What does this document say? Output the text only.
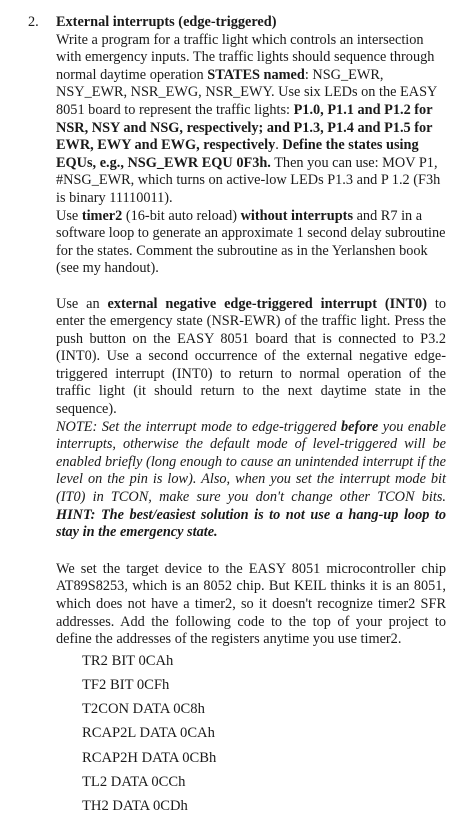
2. External interrupts (edge-triggered)

Write a program for a traffic light which controls an intersection with emergency inputs. The traffic lights should sequence through normal daytime operation STATES named: NSG_EWR, NSY_EWR, NSR_EWG, NSR_EWY. Use six LEDs on the EASY 8051 board to represent the traffic lights: P1.0, P1.1 and P1.2 for NSR, NSY and NSG, respectively; and P1.3, P1.4 and P1.5 for EWR, EWY and EWG, respectively. Define the states using EQUs, e.g., NSG_EWR EQU 0F3h. Then you can use: MOV P1, #NSG_EWR, which turns on active-low LEDs P1.3 and P 1.2 (F3h is binary 11110011).

Use timer2 (16-bit auto reload) without interrupts and R7 in a software loop to generate an approximate 1 second delay subroutine for the states. Comment the subroutine as in the Yerlanshen book (see my handout).

Use an external negative edge-triggered interrupt (INT0) to enter the emergency state (NSR-EWR) of the traffic light. Press the push button on the EASY 8051 board that is connected to P3.2 (INT0). Use a second occurrence of the external negative edge-triggered interrupt (INT0) to return to normal operation of the traffic light (it should return to the next daytime state in the sequence).

NOTE: Set the interrupt mode to edge-triggered before you enable interrupts, otherwise the default mode of level-triggered will be enabled briefly (long enough to cause an unintended interrupt if the level on the pin is low). Also, when you set the interrupt mode bit (IT0) in TCON, make sure you don't change other TCON bits. HINT: The best/easiest solution is to not use a hang-up loop to stay in the emergency state.

We set the target device to the EASY 8051 microcontroller chip AT89S8253, which is an 8052 chip. But KEIL thinks it is an 8051, which does not have a timer2, so it doesn't recognize timer2 SFR addresses. Add the following code to the top of your project to define the addresses of the registers anytime you use timer2.

TR2 BIT 0CAh
TF2 BIT 0CFh
T2CON DATA 0C8h
RCAP2L DATA 0CAh
RCAP2H DATA 0CBh
TL2 DATA 0CCh
TH2 DATA 0CDh
